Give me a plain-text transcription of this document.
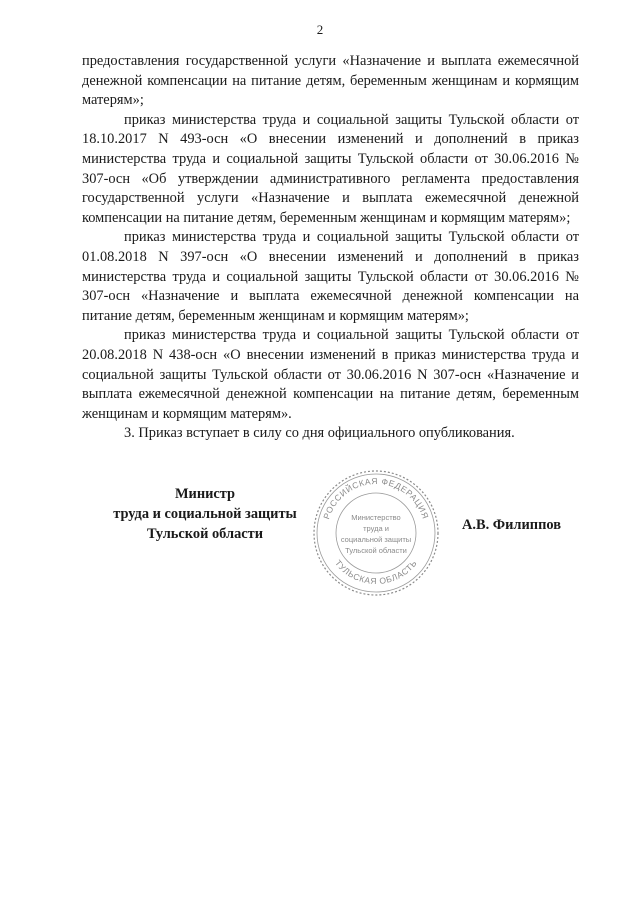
2

предоставления государственной услуги «Назначение и выплата ежемесячной денежной компенсации на питание детям, беременным женщинам и кормящим матерям»;

приказ министерства труда и социальной защиты Тульской области от 18.10.2017 N 493-осн «О внесении изменений и дополнений в приказ министерства труда и социальной защиты Тульской области от 30.06.2016 № 307-осн «Об утверждении административного регламента предоставления государственной услуги «Назначение и выплата ежемесячной денежной компенсации на питание детям, беременным женщинам и кормящим матерям»;

приказ министерства труда и социальной защиты Тульской области от 01.08.2018 N 397-осн «О внесении изменений и дополнений в приказ министерства труда и социальной защиты Тульской области от 30.06.2016 № 307-осн «Назначение и выплата ежемесячной денежной компенсации на питание детям, беременным женщинам и кормящим матерям»;

приказ министерства труда и социальной защиты Тульской области от 20.08.2018 N 438-осн «О внесении изменений в приказ министерства труда и социальной защиты Тульской области от 30.06.2016 N 307-осн «Назначение и выплата ежемесячной денежной компенсации на питание детям, беременным женщинам и кормящим матерям».

3. Приказ вступает в силу со дня официального опубликования.

Министр
труда и социальной защиты
Тульской области
РОССИЙСКАЯ ФЕДЕРАЦИЯ
ТУЛЬСКАЯ ОБЛАСТЬ
Министерство
труда и
социальной защиты
Тульской области
А.В. Филиппов
